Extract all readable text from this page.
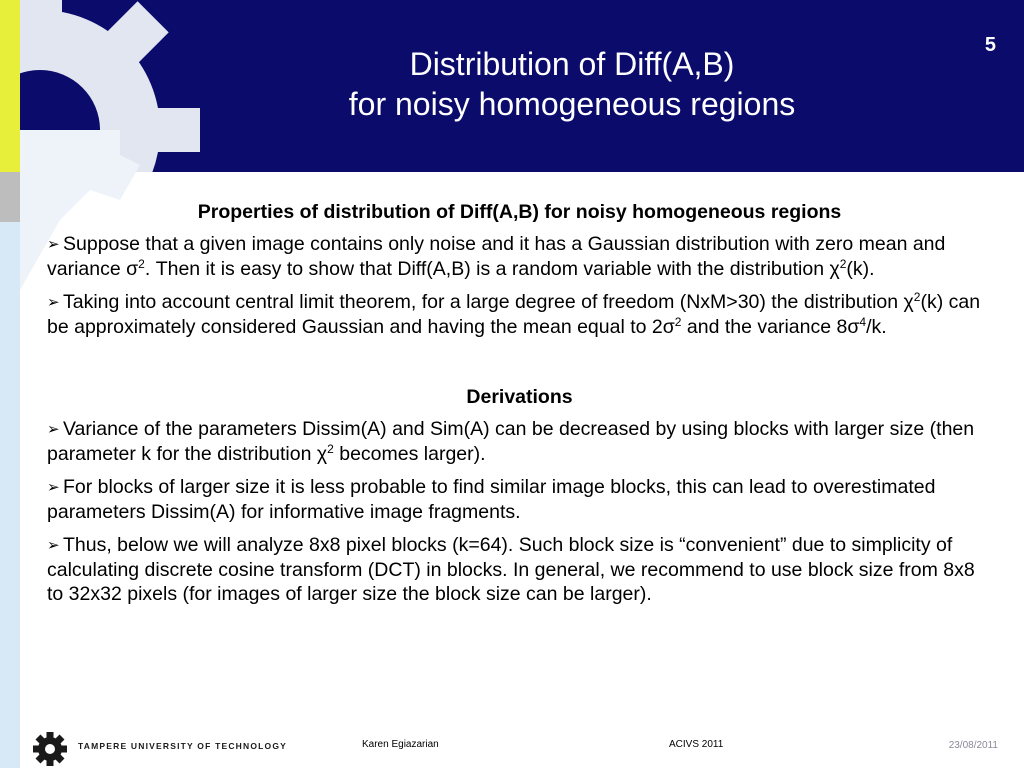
Distribution of Diff(A,B)
for noisy homogeneous regions
5
Properties of distribution of Diff(A,B) for noisy homogeneous regions
➢ Suppose that a given image contains only noise and it has a Gaussian distribution with zero mean and variance $\sigma^2$. Then it is easy to show that Diff(A,B) is a random variable with the distribution $\chi^2(k)$.
➢ Taking into account central limit theorem, for a large degree of freedom (NxM>30) the distribution $\chi^2(k)$ can be approximately considered Gaussian and having the mean equal to $2\sigma^2$ and the variance $8\sigma^4/k$.
Derivations
➢ Variance of the parameters Dissim(A) and Sim(A) can be decreased by using blocks with larger size (then parameter k for the distribution $\chi^2$ becomes larger).
➢ For blocks of larger size it is less probable to find similar image blocks, this can lead to overestimated parameters Dissim(A) for informative image fragments.
➢ Thus, below we will analyze 8x8 pixel blocks (k=64). Such block size is “convenient” due to simplicity of calculating discrete cosine transform (DCT) in blocks. In general, we recommend to use block size from 8x8 to 32x32 pixels (for images of larger size the block size can be larger).
TAMPERE UNIVERSITY OF TECHNOLOGY	Karen Egiazarian	ACIVS 2011	23/08/2011
